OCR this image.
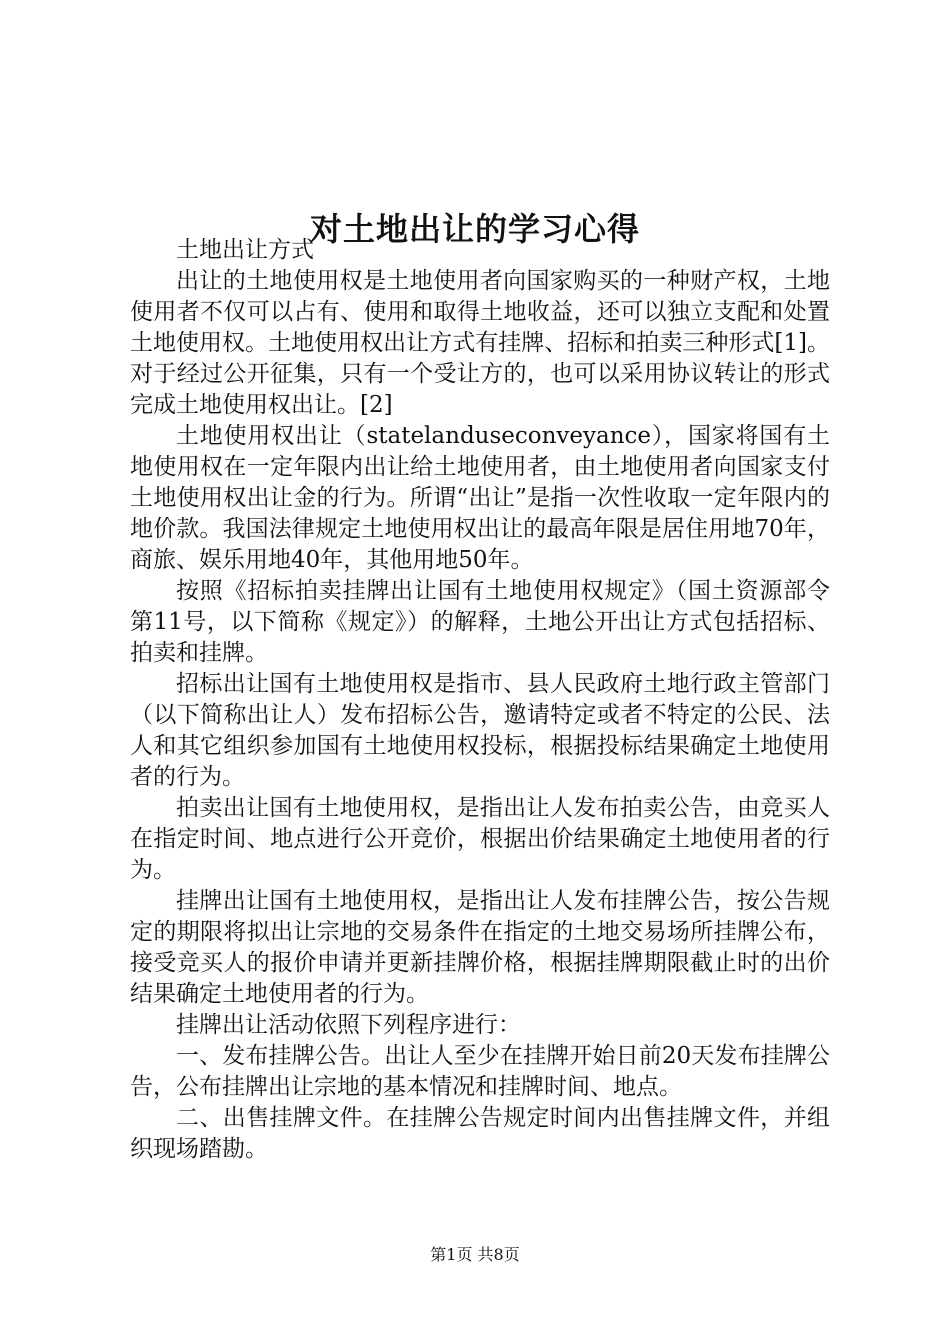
对土地出让的学习心得

土地出让方式

出让的土地使用权是土地使用者向国家购买的一种财产权，土地使用者不仅可以占有、使用和取得土地收益，还可以独立支配和处置土地使用权。土地使用权出让方式有挂牌、招标和拍卖三种形式[1]。对于经过公开征集，只有一个受让方的，也可以采用协议转让的形式完成土地使用权出让。[2]

土地使用权出让（statelanduseconveyance），国家将国有土地使用权在一定年限内出让给土地使用者，由土地使用者向国家支付土地使用权出让金的行为。所谓“出让”是指一次性收取一定年限内的地价款。我国法律规定土地使用权出让的最高年限是居住用地70年，商旅、娱乐用地40年，其他用地50年。

按照《招标拍卖挂牌出让国有土地使用权规定》（国土资源部令第11号，以下简称《规定》）的解释，土地公开出让方式包括招标、拍卖和挂牌。

招标出让国有土地使用权是指市、县人民政府土地行政主管部门（以下简称出让人）发布招标公告，邀请特定或者不特定的公民、法人和其它组织参加国有土地使用权投标，根据投标结果确定土地使用者的行为。

拍卖出让国有土地使用权，是指出让人发布拍卖公告，由竞买人在指定时间、地点进行公开竞价，根据出价结果确定土地使用者的行为。

挂牌出让国有土地使用权，是指出让人发布挂牌公告，按公告规定的期限将拟出让宗地的交易条件在指定的土地交易场所挂牌公布，接受竞买人的报价申请并更新挂牌价格，根据挂牌期限截止时的出价结果确定土地使用者的行为。

挂牌出让活动依照下列程序进行：

一、发布挂牌公告。出让人至少在挂牌开始日前20天发布挂牌公告，公布挂牌出让宗地的基本情况和挂牌时间、地点。

二、出售挂牌文件。在挂牌公告规定时间内出售挂牌文件，并组织现场踏勘。

第1页 共8页
